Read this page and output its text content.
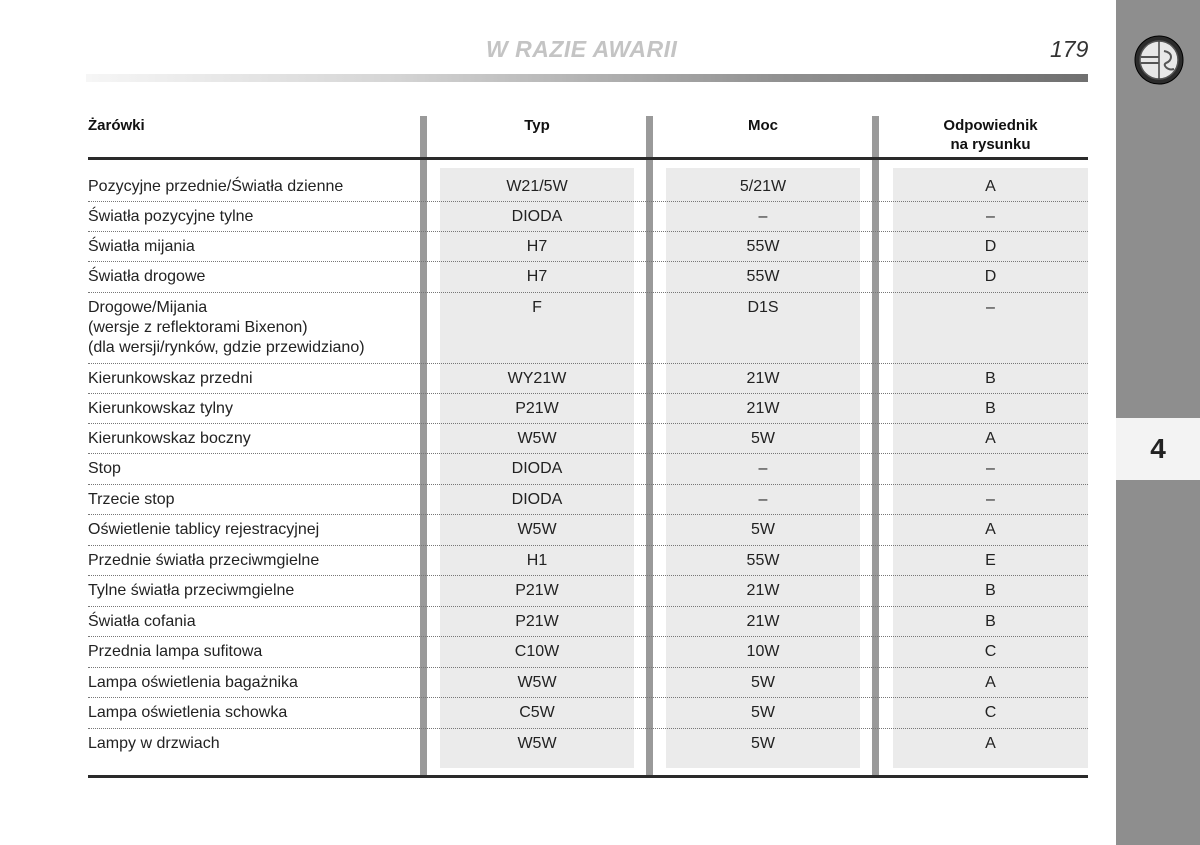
W RAZIE AWARII	179
4
Żarówki	Typ	Moc	Odpowiednik
na rysunku
Pozycyjne przednie/Światła dzienne	W21/5W	5/21W	A
Światła pozycyjne tylne	DIODA	–	–
Światła mijania	H7	55W	D
Światła drogowe	H7	55W	D
Drogowe/Mijania
(wersje z reflektorami Bixenon)
(dla wersji/rynków, gdzie przewidziano)
F	D1S	–
Kierunkowskaz przedni	WY21W	21W	B
Kierunkowskaz tylny	P21W	21W	B
Kierunkowskaz boczny	W5W	5W	A
Stop	DIODA	–	–
Trzecie stop	DIODA	–	–
Oświetlenie tablicy rejestracyjnej	W5W	5W	A
Przednie światła przeciwmgielne	H1	55W	E
Tylne światła przeciwmgielne	P21W	21W	B
Światła cofania	P21W	21W	B
Przednia lampa sufitowa	C10W	10W	C
Lampa oświetlenia bagażnika	W5W	5W	A
Lampa oświetlenia schowka	C5W	5W	C
Lampy w drzwiach	W5W	5W	A
